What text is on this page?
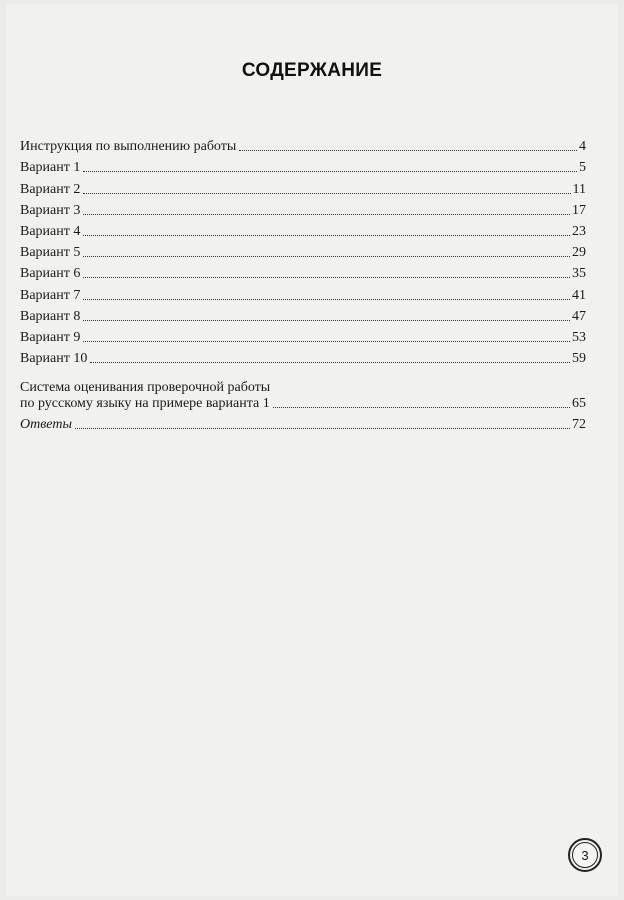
СОДЕРЖАНИЕ
Инструкция по выполнению работы	4
Вариант 1	5
Вариант 2	11
Вариант 3	17
Вариант 4	23
Вариант 5	29
Вариант 6	35
Вариант 7	41
Вариант 8	47
Вариант 9	53
Вариант 10	59
Система оценивания проверочной работы
по русскому языку на примере варианта 1	65
Ответы	72
3
